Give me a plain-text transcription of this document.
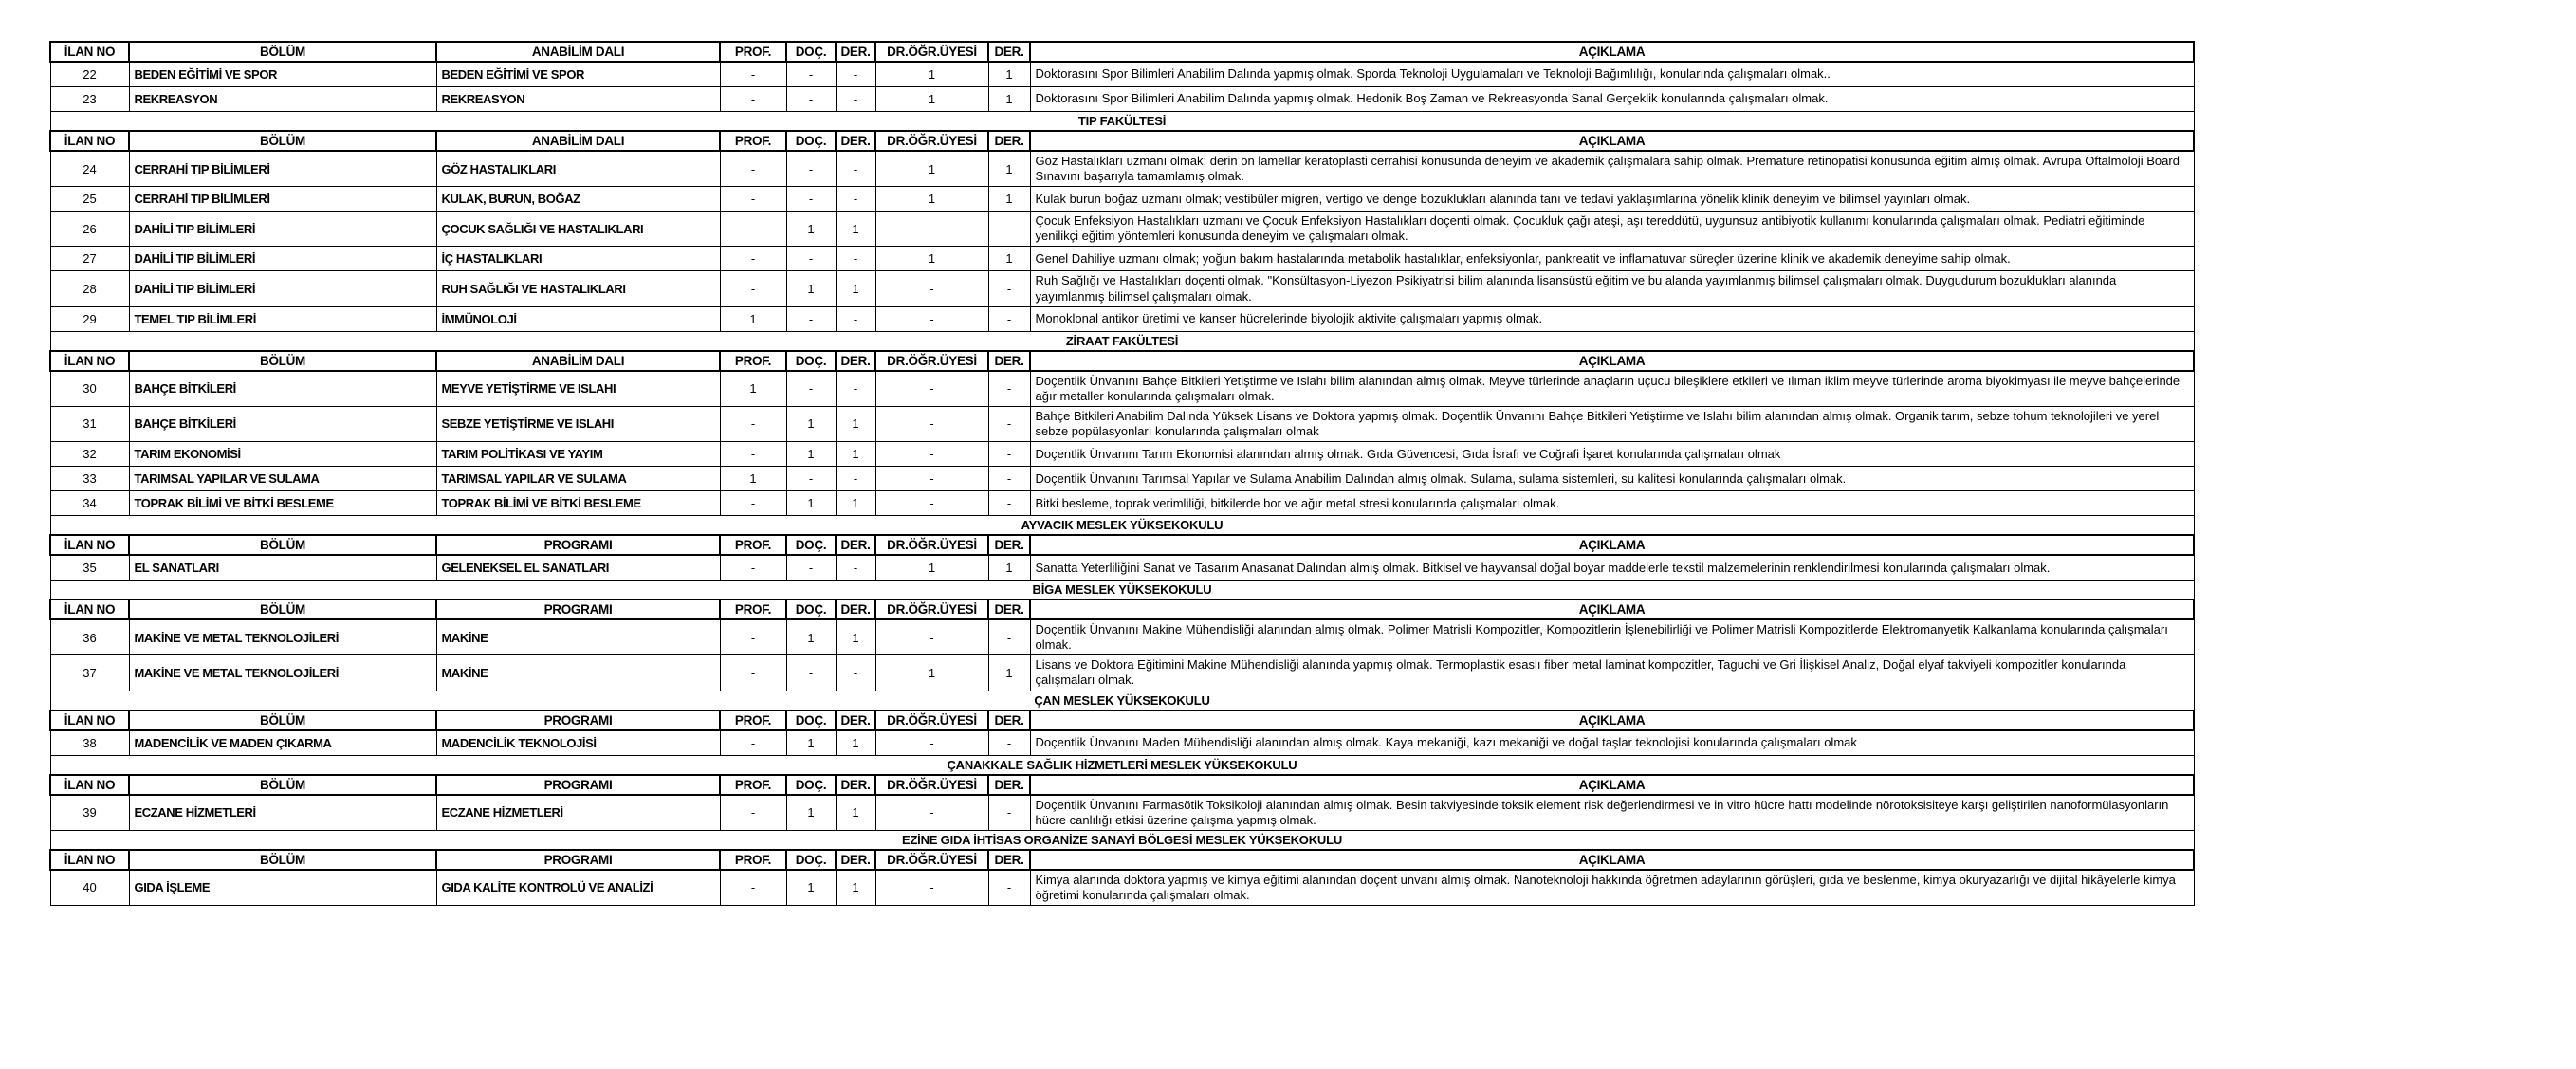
İLAN NO	BÖLÜM	ANABİLİM DALI	PROF.	DOÇ.	DER.	DR.ÖĞR.ÜYESİ	DER.	AÇIKLAMA
22	BEDEN EĞİTİMİ VE SPOR	BEDEN EĞİTİMİ VE SPOR	-	-	-	1	1	Doktorasını Spor Bilimleri Anabilim Dalında yapmış olmak. Sporda Teknoloji Uygulamaları ve Teknoloji Bağımlılığı, konularında çalışmaları olmak..
23	REKREASYON	REKREASYON	-	-	-	1	1	Doktorasını Spor Bilimleri Anabilim Dalında yapmış olmak. Hedonik Boş Zaman ve Rekreasyonda Sanal Gerçeklik konularında çalışmaları olmak.
TIP FAKÜLTESİ								
İLAN NO	BÖLÜM	ANABİLİM DALI	PROF.	DOÇ.	DER.	DR.ÖĞR.ÜYESİ	DER.	AÇIKLAMA
24	CERRAHİ TIP BİLİMLERİ	GÖZ HASTALIKLARI	-	-	-	1	1	Göz Hastalıkları uzmanı olmak; derin ön lamellar keratoplasti cerrahisi konusunda deneyim ve akademik çalışmalara sahip olmak. Prematüre retinopatisi konusunda eğitim almış olmak. Avrupa Oftalmoloji Board Sınavını başarıyla tamamlamış olmak.
25	CERRAHİ TIP BİLİMLERİ	KULAK, BURUN, BOĞAZ	-	-	-	1	1	Kulak burun boğaz uzmanı olmak; vestibüler migren, vertigo ve denge bozuklukları alanında tanı ve tedavi yaklaşımlarına yönelik klinik deneyim ve bilimsel yayınları olmak.
26	DAHİLİ TIP BİLİMLERİ	ÇOCUK SAĞLIĞI VE HASTALIKLARI	-	1	1	-	-	Çocuk Enfeksiyon Hastalıkları uzmanı ve Çocuk Enfeksiyon Hastalıkları doçenti olmak. Çocukluk çağı ateşi, aşı tereddütü, uygunsuz antibiyotik kullanımı konularında çalışmaları olmak. Pediatri eğitiminde yenilikçi eğitim yöntemleri konusunda deneyim ve çalışmaları olmak.
27	DAHİLİ TIP BİLİMLERİ	İÇ HASTALIKLARI	-	-	-	1	1	Genel Dahiliye uzmanı olmak; yoğun bakım hastalarında metabolik hastalıklar, enfeksiyonlar, pankreatit ve inflamatuvar süreçler üzerine klinik ve akademik deneyime sahip olmak.
28	DAHİLİ TIP BİLİMLERİ	RUH SAĞLIĞI VE HASTALIKLARI	-	1	1	-	-	Ruh Sağlığı ve Hastalıkları doçenti olmak. "Konsültasyon-Liyezon Psikiyatrisi bilim alanında lisansüstü eğitim ve bu alanda yayımlanmış bilimsel çalışmaları olmak. Duygudurum bozuklukları alanında yayımlanmış bilimsel çalışmaları olmak.
29	TEMEL TIP BİLİMLERİ	İMMÜNOLOJİ	1	-	-	-	-	Monoklonal antikor üretimi ve kanser hücrelerinde biyolojik aktivite çalışmaları yapmış olmak.
ZİRAAT FAKÜLTESİ								
İLAN NO	BÖLÜM	ANABİLİM DALI	PROF.	DOÇ.	DER.	DR.ÖĞR.ÜYESİ	DER.	AÇIKLAMA
30	BAHÇE BİTKİLERİ	MEYVE YETİŞTİRME VE ISLAHI	1	-	-	-	-	Doçentlik Ünvanını Bahçe Bitkileri Yetiştirme ve Islahı bilim alanından almış olmak. Meyve türlerinde anaçların uçucu bileşiklere etkileri ve ılıman iklim meyve türlerinde aroma biyokimyası ile meyve bahçelerinde ağır metaller konularında çalışmaları olmak.
31	BAHÇE BİTKİLERİ	SEBZE YETİŞTİRME VE ISLAHI	-	1	1	-	-	Bahçe Bitkileri Anabilim Dalında Yüksek Lisans ve Doktora yapmış olmak. Doçentlik Ünvanını Bahçe Bitkileri Yetiştirme ve Islahı bilim alanından almış olmak. Organik tarım, sebze tohum teknolojileri ve yerel sebze popülasyonları konularında çalışmaları olmak
32	TARIM EKONOMİSİ	TARIM POLİTİKASI VE YAYIM	-	1	1	-	-	Doçentlik Ünvanını Tarım Ekonomisi alanından almış olmak. Gıda Güvencesi, Gıda İsrafı ve Coğrafi İşaret konularında çalışmaları olmak
33	TARIMSAL YAPILAR VE SULAMA	TARIMSAL YAPILAR VE SULAMA	1	-	-	-	-	Doçentlik Ünvanını Tarımsal Yapılar ve Sulama Anabilim Dalından almış olmak. Sulama, sulama sistemleri, su kalitesi konularında çalışmaları olmak.
34	TOPRAK BİLİMİ VE BİTKİ BESLEME	TOPRAK BİLİMİ VE BİTKİ BESLEME	-	1	1	-	-	Bitki besleme, toprak verimliliği, bitkilerde bor ve ağır metal stresi konularında çalışmaları olmak.
AYVACIK MESLEK YÜKSEKOKULU								
İLAN NO	BÖLÜM	PROGRAMI	PROF.	DOÇ.	DER.	DR.ÖĞR.ÜYESİ	DER.	AÇIKLAMA
35	EL SANATLARI	GELENEKSEL EL SANATLARI	-	-	-	1	1	Sanatta Yeterliliğini Sanat ve Tasarım Anasanat Dalından almış olmak. Bitkisel ve hayvansal doğal boyar maddelerle tekstil malzemelerinin renklendirilmesi konularında çalışmaları olmak.
BİGA MESLEK YÜKSEKOKULU								
İLAN NO	BÖLÜM	PROGRAMI	PROF.	DOÇ.	DER.	DR.ÖĞR.ÜYESİ	DER.	AÇIKLAMA
36	MAKİNE VE METAL TEKNOLOJİLERİ	MAKİNE	-	1	1	-	-	Doçentlik Ünvanını Makine Mühendisliği alanından almış olmak. Polimer Matrisli Kompozitler, Kompozitlerin İşlenebilirliği ve Polimer Matrisli Kompozitlerde Elektromanyetik Kalkanlama konularında çalışmaları olmak.
37	MAKİNE VE METAL TEKNOLOJİLERİ	MAKİNE	-	-	-	1	1	Lisans ve Doktora Eğitimini Makine Mühendisliği alanında yapmış olmak. Termoplastik esaslı fiber metal laminat kompozitler, Taguchi ve Gri İlişkisel Analiz, Doğal elyaf takviyeli kompozitler konularında çalışmaları olmak.
ÇAN MESLEK YÜKSEKOKULU								
İLAN NO	BÖLÜM	PROGRAMI	PROF.	DOÇ.	DER.	DR.ÖĞR.ÜYESİ	DER.	AÇIKLAMA
38	MADENCİLİK VE MADEN ÇIKARMA	MADENCİLİK TEKNOLOJİSİ	-	1	1	-	-	Doçentlik Ünvanını Maden Mühendisliği alanından almış olmak. Kaya mekaniği, kazı mekaniği ve doğal taşlar teknolojisi konularında çalışmaları olmak
ÇANAKKALE SAĞLIK HİZMETLERİ MESLEK YÜKSEKOKULU								
İLAN NO	BÖLÜM	PROGRAMI	PROF.	DOÇ.	DER.	DR.ÖĞR.ÜYESİ	DER.	AÇIKLAMA
39	ECZANE HİZMETLERİ	ECZANE HİZMETLERİ	-	1	1	-	-	Doçentlik Ünvanını Farmasötik Toksikoloji alanından almış olmak. Besin takviyesinde toksik element risk değerlendirmesi ve in vitro hücre hattı modelinde nörotoksisiteye karşı geliştirilen nanoformülasyonların hücre canlılığı etkisi üzerine çalışma yapmış olmak.
EZİNE GIDA İHTİSAS ORGANİZE SANAYİ BÖLGESİ MESLEK YÜKSEKOKULU								
İLAN NO	BÖLÜM	PROGRAMI	PROF.	DOÇ.	DER.	DR.ÖĞR.ÜYESİ	DER.	AÇIKLAMA
40	GIDA İŞLEME	GIDA KALİTE KONTROLÜ VE ANALİZİ	-	1	1	-	-	Kimya alanında doktora yapmış ve kimya eğitimi alanından doçent unvanı almış olmak. Nanoteknoloji hakkında öğretmen adaylarının görüşleri, gıda ve beslenme, kimya okuryazarlığı ve dijital hikâyelerle kimya öğretimi konularında çalışmaları olmak.
